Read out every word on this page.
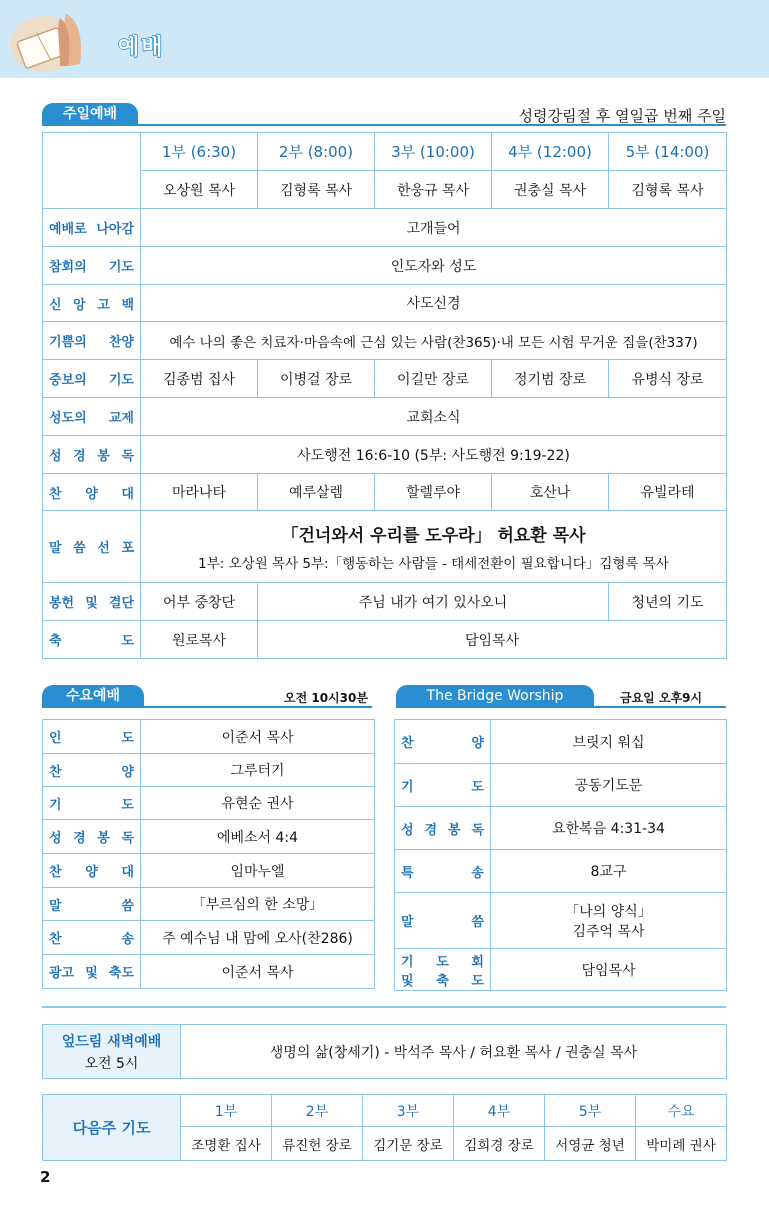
예배
주일예배	성령강림절 후 열일곱 번째 주일
	1부 (6:30)	2부 (8:00)	3부 (10:00)	4부 (12:00)	5부 (14:00)
	오상원 목사	김형록 목사	한웅규 목사	권충실 목사	김형록 목사
예배로 나아감	고개들어				
참회의 기도	인도자와 성도				
신 앙 고 백	사도신경				
기쁨의 찬양	예수 나의 좋은 치료자·마음속에 근심 있는 사람(찬365)·내 모든 시험 무거운 짐을(찬337)				
중보의 기도	김종범 집사	이병걸 장로	이길만 장로	정기범 장로	유병식 장로
성도의 교제	교회소식				
성 경 봉 독	사도행전 16:6-10 (5부: 사도행전 9:19-22)				
찬 양 대	마라나타	예루살렘	할렐루야	호산나	유빌라테
말 씀 선 포	「건너와서 우리를 도우라」 허요환 목사
1부: 오상원 목사 5부:「행동하는 사람들 - 태세전환이 필요합니다」김형록 목사				

봉헌 및 결단	어부 중창단	주님 내가 여기 있사오니			청년의 기도
축 도	원로목사	담임목사			
수요예배	오전 10시30분
인 도	이준서 목사
찬 양	그루터기
기 도	유현순 권사
성 경 봉 독	에베소서 4:4
찬 양 대	임마누엘
말 씀	「부르심의 한 소망」
찬 송	주 예수님 내 맘에 오사(찬286)
광고 및 축도	이준서 목사
The Bridge Worship	금요일 오후9시
찬 양	브릿지 워십
기 도	공동기도문
성 경 봉 독	요한복음 4:31-34
특 송	8교구
말 씀	「나의 양식」
김주억 목사

기 도 회
및 축 도	담임목사
엎드림 새벽예배
오전 5시
	생명의 삶(창세기) - 박석주 목사 / 허요환 목사 / 권충실 목사
다음주 기도	1부	2부	3부	4부	5부	수요
	조명환 집사	류진헌 장로	김기문 장로	김희경 장로	서영균 청년	박미례 권사
2
